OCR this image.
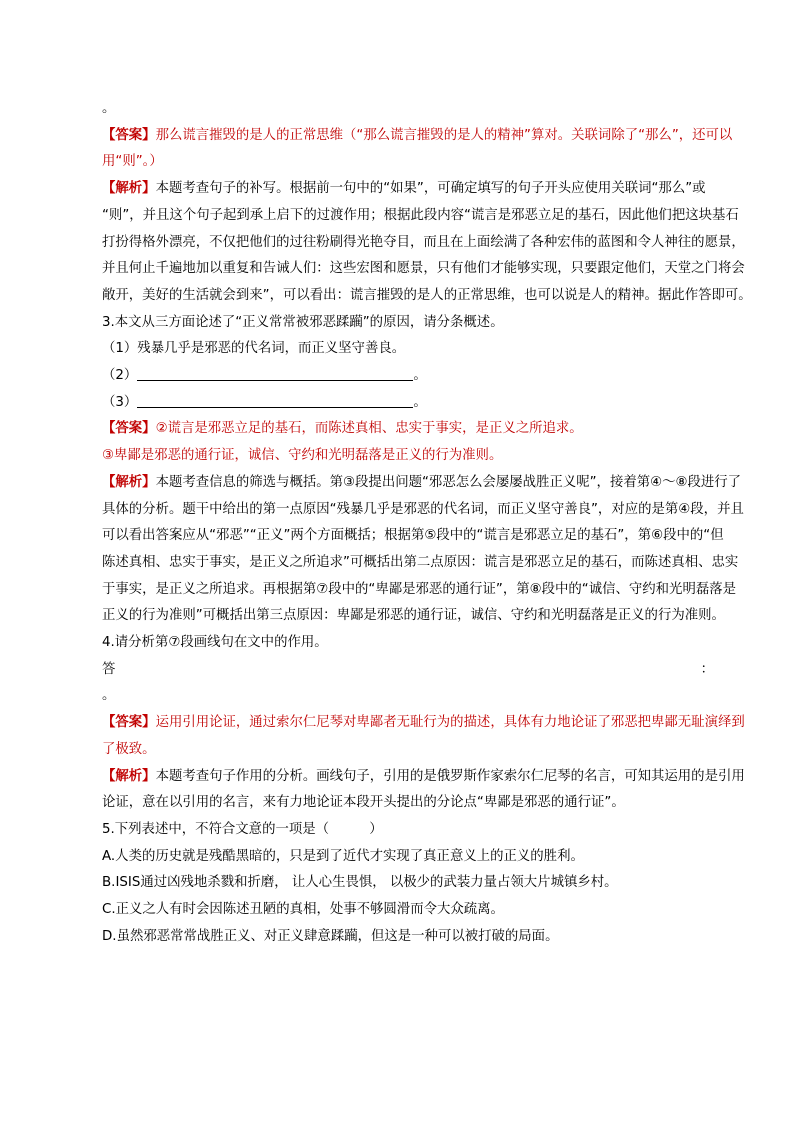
。

【答案】那么谎言摧毁的是人的正常思维（“那么谎言摧毁的是人的精神”算对。关联词除了“那么”，还可以

用“则”。）

【解析】本题考查句子的补写。根据前一句中的“如果”，可确定填写的句子开头应使用关联词“那么”或

“则”，并且这个句子起到承上启下的过渡作用；根据此段内容“谎言是邪恶立足的基石，因此他们把这块基石

打扮得格外漂亮，不仅把他们的过往粉刷得光艳夺目，而且在上面绘满了各种宏伟的蓝图和令人神往的愿景，

并且何止千遍地加以重复和告诫人们：这些宏图和愿景，只有他们才能够实现，只要跟定他们，天堂之门将会

敞开，美好的生活就会到来”，可以看出：谎言摧毁的是人的正常思维，也可以说是人的精神。据此作答即可。

3.本文从三方面论述了“正义常常被邪恶蹂躏”的原因，请分条概述。

（1）残暴几乎是邪恶的代名词，而正义坚守善良。

（2）	。

（3）	。

【答案】②谎言是邪恶立足的基石，而陈述真相、忠实于事实，是正义之所追求。

③卑鄙是邪恶的通行证，诚信、守约和光明磊落是正义的行为准则。

【解析】本题考查信息的筛选与概括。第③段提出问题“邪恶怎么会屡屡战胜正义呢”，接着第④～⑧段进行了

具体的分析。题干中给出的第一点原因“残暴几乎是邪恶的代名词，而正义坚守善良”，对应的是第④段，并且

可以看出答案应从“邪恶”“正义”两个方面概括；根据第⑤段中的“谎言是邪恶立足的基石”，第⑥段中的“但

陈述真相、忠实于事实，是正义之所追求”可概括出第二点原因：谎言是邪恶立足的基石，而陈述真相、忠实

于事实，是正义之所追求。再根据第⑦段中的“卑鄙是邪恶的通行证”，第⑧段中的“诚信、守约和光明磊落是

正义的行为准则”可概括出第三点原因：卑鄙是邪恶的通行证，诚信、守约和光明磊落是正义的行为准则。

4.请分析第⑦段画线句在文中的作用。

答	：

。

【答案】运用引用论证，通过索尔仁尼琴对卑鄙者无耻行为的描述，具体有力地论证了邪恶把卑鄙无耻演绎到

了极致。

【解析】本题考查句子作用的分析。画线句子，引用的是俄罗斯作家索尔仁尼琴的名言，可知其运用的是引用

论证，意在以引用的名言，来有力地论证本段开头提出的分论点“卑鄙是邪恶的通行证”。

5.下列表述中，不符合文意的一项是（　　　）

A.人类的历史就是残酷黑暗的，只是到了近代才实现了真正意义上的正义的胜利。

B.ISIS通过凶残地杀戮和折磨， 让人心生畏惧， 以极少的武装力量占领大片城镇乡村。

C.正义之人有时会因陈述丑陋的真相，处事不够圆滑而令大众疏离。

D.虽然邪恶常常战胜正义、对正义肆意蹂躏，但这是一种可以被打破的局面。
